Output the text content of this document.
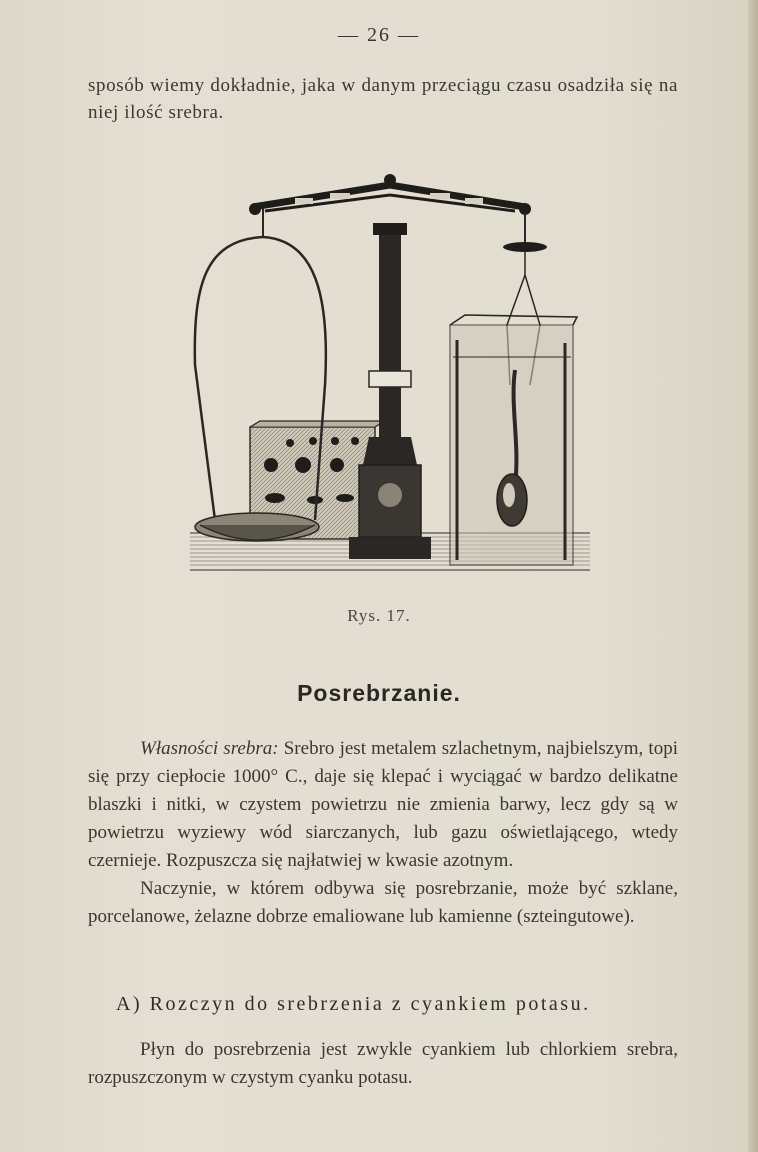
— 26 —
sposób wiemy dokładnie, jaka w danym przeciągu czasu osadziła się na niej ilość srebra.
Rys. 17.
Posrebrzanie.

Własności srebra: Srebro jest metalem szlachetnym, najbielszym, topi się przy ciepłocie 1000° C., daje się klepać i wyciągać w bardzo delikatne blaszki i nitki, w czystem powietrzu nie zmienia barwy, lecz gdy są w powietrzu wyziewy wód siarczanych, lub gazu oświetlającego, wtedy czernieje. Rozpuszcza się najłatwiej w kwasie azotnym.

Naczynie, w którem odbywa się posrebrzanie, może być szklane, porcelanowe, żelazne dobrze emaliowane lub kamienne (szteingutowe).

A) Rozczyn do srebrzenia z cyankiem potasu.

Płyn do posrebrzenia jest zwykle cyankiem lub chlorkiem srebra, rozpuszczonym w czystym cyanku potasu.
